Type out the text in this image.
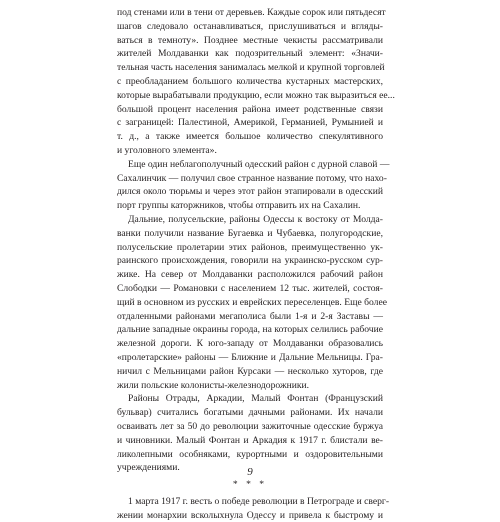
под стенами или в тени от деревьев. Каждые сорок или пятьдесят
шагов следовало останавливаться, прислушиваться и вгляды-
ваться в темноту». Позднее местные чекисты рассматривали
жителей Молдаванки как подозрительный элемент: «Значи-
тельная часть населения занималась мелкой и крупной торговлей
с преобладанием большого количества кустарных мастерских,
которые вырабатывали продукцию, если можно так выразиться ее...
большой процент населения района имеет родственные связи
с заграницей: Палестиной, Америкой, Германией, Румынией и
т. д., а также имеется большое количество спекулятивного
и уголовного элемента».
Еще один неблагополучный одесский район с дурной славой —
Сахалинчик — получил свое странное название потому, что нахо-
дился около тюрьмы и через этот район этапировали в одесский
порт группы каторжников, чтобы отправить их на Сахалин.
Дальние, полусельские, районы Одессы к востоку от Молда-
ванки получили название Бугаевка и Чубаевка, полугородские,
полусельские пролетарии этих районов, преимущественно ук-
раинского происхождения, говорили на украинско-русском сур-
жике. На север от Молдаванки расположился рабочий район
Слободки — Романовки с населением 12 тыс. жителей, состоя-
щий в основном из русских и еврейских переселенцев. Еще более
отдаленными районами мегаполиса были 1-я и 2-я Заставы —
дальние западные окраины города, на которых селились рабочие
железной дороги. К юго-западу от Молдаванки образовались
«пролетарские» районы — Ближние и Дальние Мельницы. Гра-
ничил с Мельницами район Курсаки — несколько хуторов, где
жили польские колонисты-железнодорожники.
Районы Отрады, Аркадии, Малый Фонтан (Французский
бульвар) считались богатыми дачными районами. Их начали
осваивать лет за 50 до революции зажиточные одесские буржуа
и чиновники. Малый Фонтан и Аркадия к 1917 г. блистали ве-
ликолепными особняками, курортными и оздоровительными
учреждениями.
* * *
1 марта 1917 г. весть о победе революции в Петрограде и сверг-
жении монархии всколыхнула Одессу и привела к быстрому и
9
